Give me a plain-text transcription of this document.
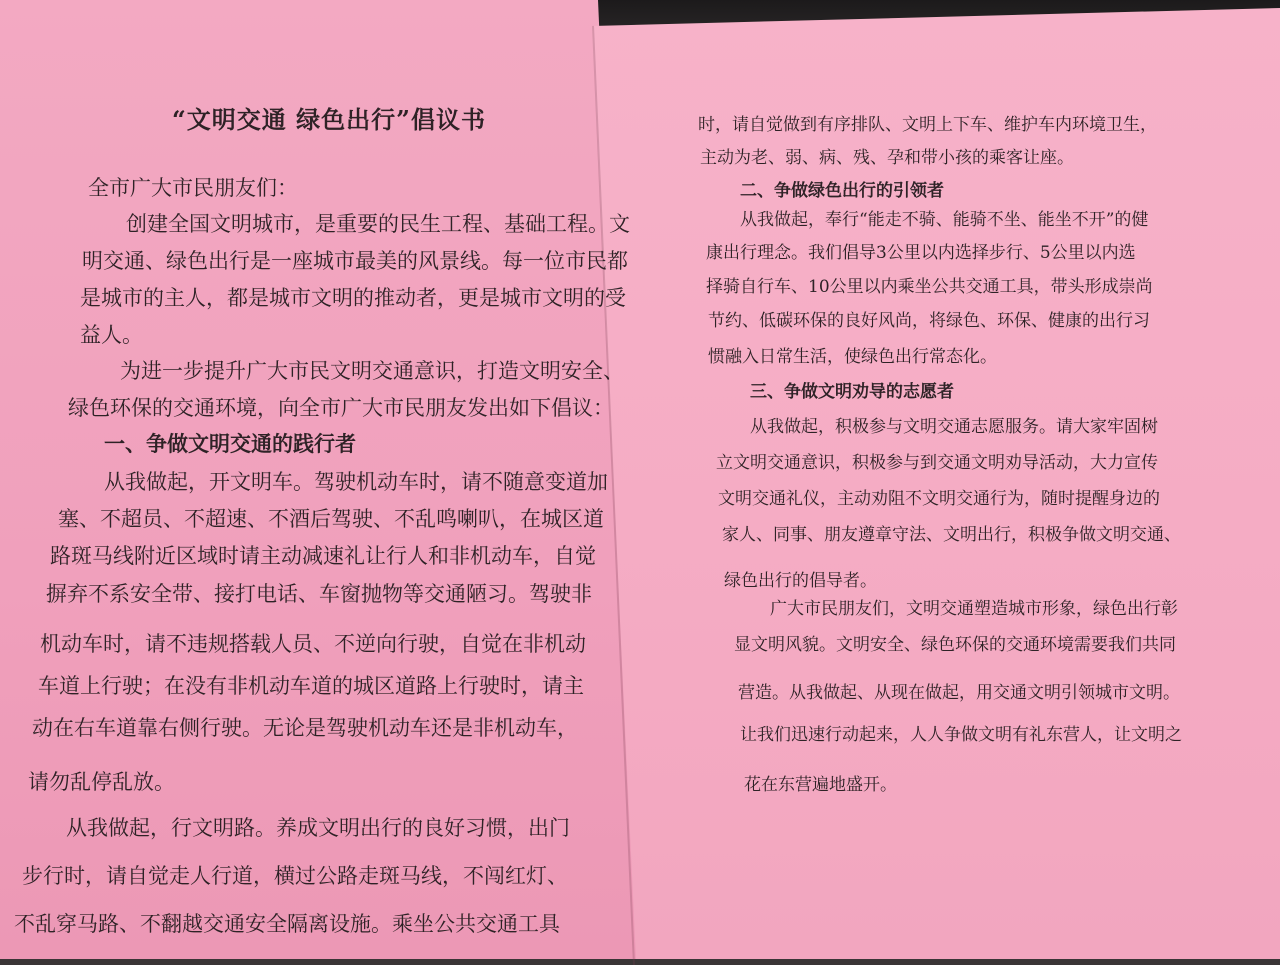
“文明交通 绿色出行”倡议书
全市广大市民朋友们：
创建全国文明城市，是重要的民生工程、基础工程。文
明交通、绿色出行是一座城市最美的风景线。每一位市民都
是城市的主人，都是城市文明的推动者，更是城市文明的受
益人。
为进一步提升广大市民文明交通意识，打造文明安全、
绿色环保的交通环境，向全市广大市民朋友发出如下倡议：
一、争做文明交通的践行者
从我做起，开文明车。驾驶机动车时，请不随意变道加
塞、不超员、不超速、不酒后驾驶、不乱鸣喇叭，在城区道
路斑马线附近区域时请主动减速礼让行人和非机动车，自觉
摒弃不系安全带、接打电话、车窗抛物等交通陋习。驾驶非
机动车时，请不违规搭载人员、不逆向行驶，自觉在非机动
车道上行驶；在没有非机动车道的城区道路上行驶时，请主
动在右车道靠右侧行驶。无论是驾驶机动车还是非机动车，
请勿乱停乱放。
从我做起，行文明路。养成文明出行的良好习惯，出门
步行时，请自觉走人行道，横过公路走斑马线，不闯红灯、
不乱穿马路、不翻越交通安全隔离设施。乘坐公共交通工具
时，请自觉做到有序排队、文明上下车、维护车内环境卫生，
主动为老、弱、病、残、孕和带小孩的乘客让座。
二、争做绿色出行的引领者
从我做起，奉行“能走不骑、能骑不坐、能坐不开”的健
康出行理念。我们倡导3公里以内选择步行、5公里以内选
择骑自行车、10公里以内乘坐公共交通工具，带头形成崇尚
节约、低碳环保的良好风尚，将绿色、环保、健康的出行习
惯融入日常生活，使绿色出行常态化。
三、争做文明劝导的志愿者
从我做起，积极参与文明交通志愿服务。请大家牢固树
立文明交通意识，积极参与到交通文明劝导活动，大力宣传
文明交通礼仪，主动劝阻不文明交通行为，随时提醒身边的
家人、同事、朋友遵章守法、文明出行，积极争做文明交通、
绿色出行的倡导者。
广大市民朋友们，文明交通塑造城市形象，绿色出行彰
显文明风貌。文明安全、绿色环保的交通环境需要我们共同
营造。从我做起、从现在做起，用交通文明引领城市文明。
让我们迅速行动起来，人人争做文明有礼东营人，让文明之
花在东营遍地盛开。
